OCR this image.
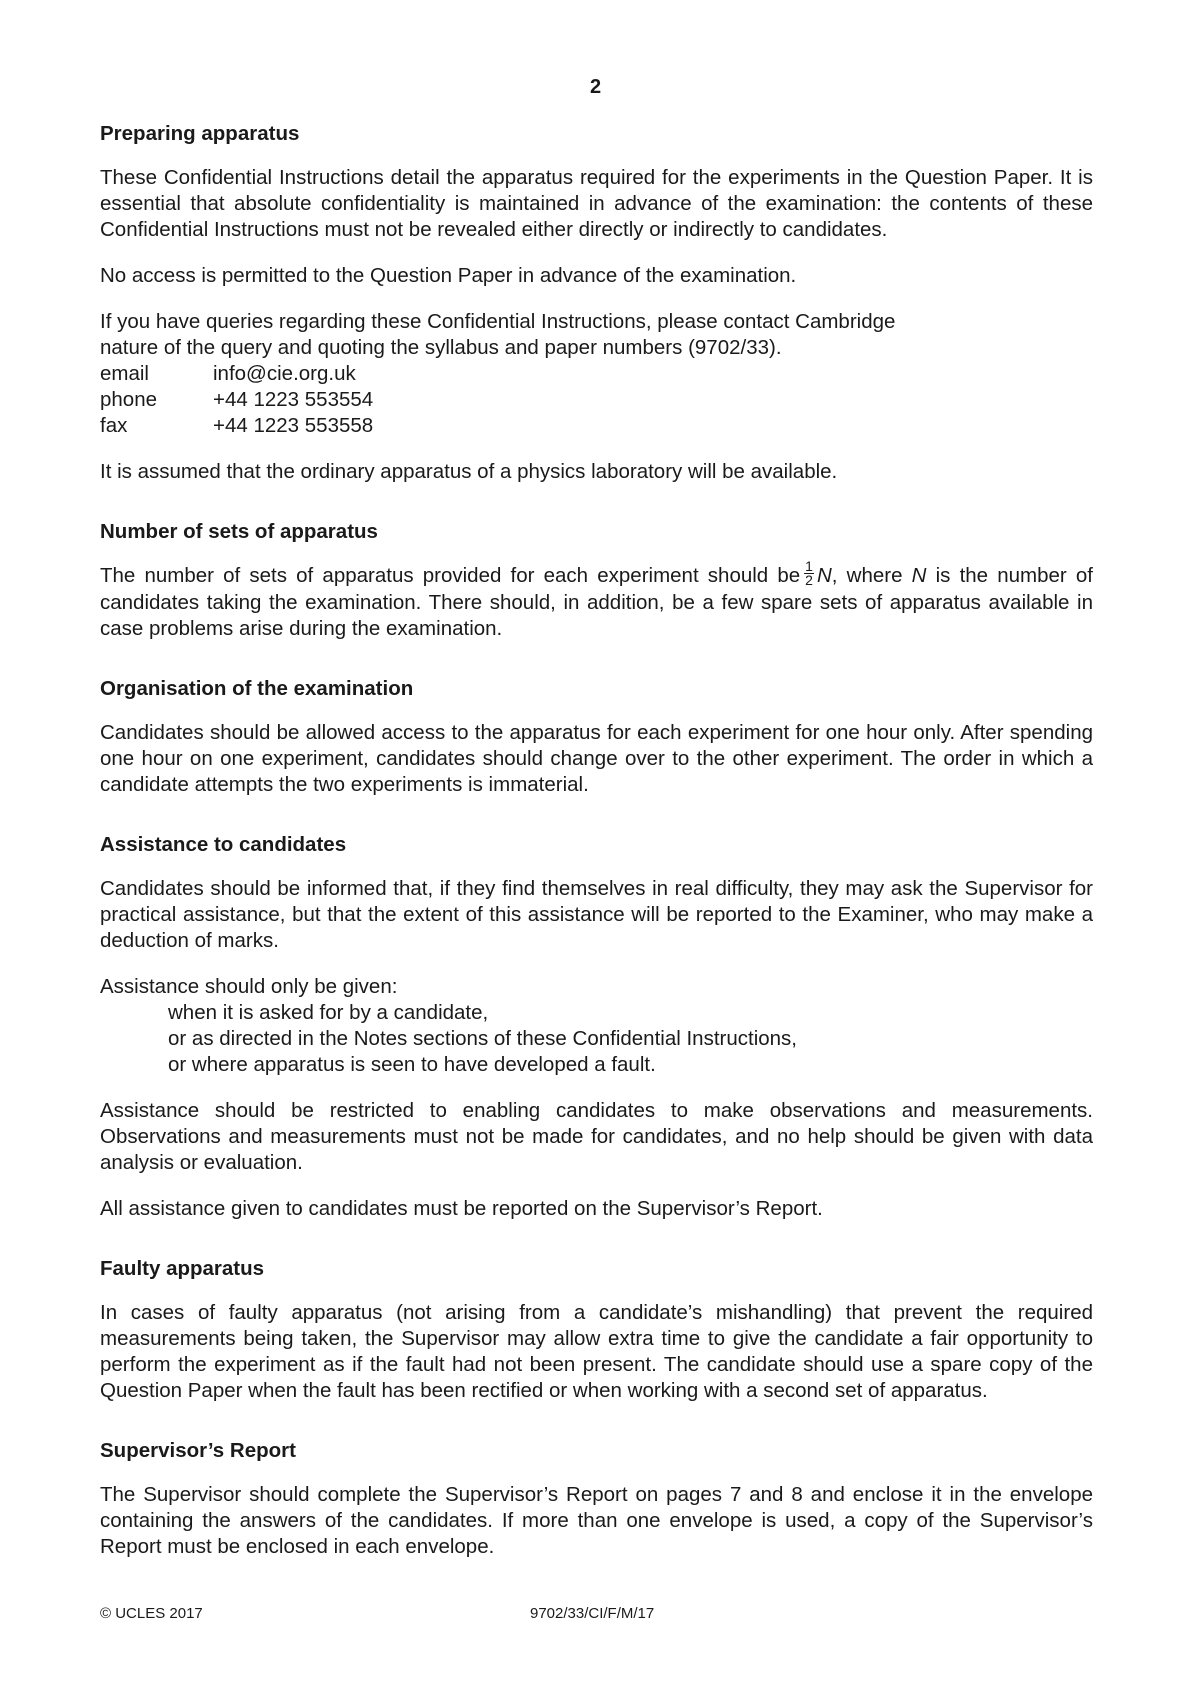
2
Preparing apparatus

These Confidential Instructions detail the apparatus required for the experiments in the Question Paper. It is essential that absolute confidentiality is maintained in advance of the examination: the contents of these Confidential Instructions must not be revealed either directly or indirectly to candidates.

No access is permitted to the Question Paper in advance of the examination.

If you have queries regarding these Confidential Instructions, please contact Cambridge
nature of the query and quoting the syllabus and paper numbers (9702/33).
email	info@cie.org.uk
phone	+44 1223 553554
fax	+44 1223 553558

It is assumed that the ordinary apparatus of a physics laboratory will be available.

Number of sets of apparatus

The number of sets of apparatus provided for each experiment should be $\frac{1}{2} N$, where N is the number of candidates taking the examination. There should, in addition, be a few spare sets of apparatus available in case problems arise during the examination.

Organisation of the examination

Candidates should be allowed access to the apparatus for each experiment for one hour only. After spending one hour on one experiment, candidates should change over to the other experiment. The order in which a candidate attempts the two experiments is immaterial.

Assistance to candidates

Candidates should be informed that, if they find themselves in real difficulty, they may ask the Supervisor for practical assistance, but that the extent of this assistance will be reported to the Examiner, who may make a deduction of marks.

Assistance should only be given:
when it is asked for by a candidate,
or as directed in the Notes sections of these Confidential Instructions,
or where apparatus is seen to have developed a fault.

Assistance should be restricted to enabling candidates to make observations and measurements. Observations and measurements must not be made for candidates, and no help should be given with data analysis or evaluation.

All assistance given to candidates must be reported on the Supervisor’s Report.

Faulty apparatus

In cases of faulty apparatus (not arising from a candidate’s mishandling) that prevent the required measurements being taken, the Supervisor may allow extra time to give the candidate a fair opportunity to perform the experiment as if the fault had not been present. The candidate should use a spare copy of the Question Paper when the fault has been rectified or when working with a second set of apparatus.

Supervisor’s Report

The Supervisor should complete the Supervisor’s Report on pages 7 and 8 and enclose it in the envelope containing the answers of the candidates. If more than one envelope is used, a copy of the Supervisor’s Report must be enclosed in each envelope.

© UCLES 2017	9702/33/CI/F/M/17
